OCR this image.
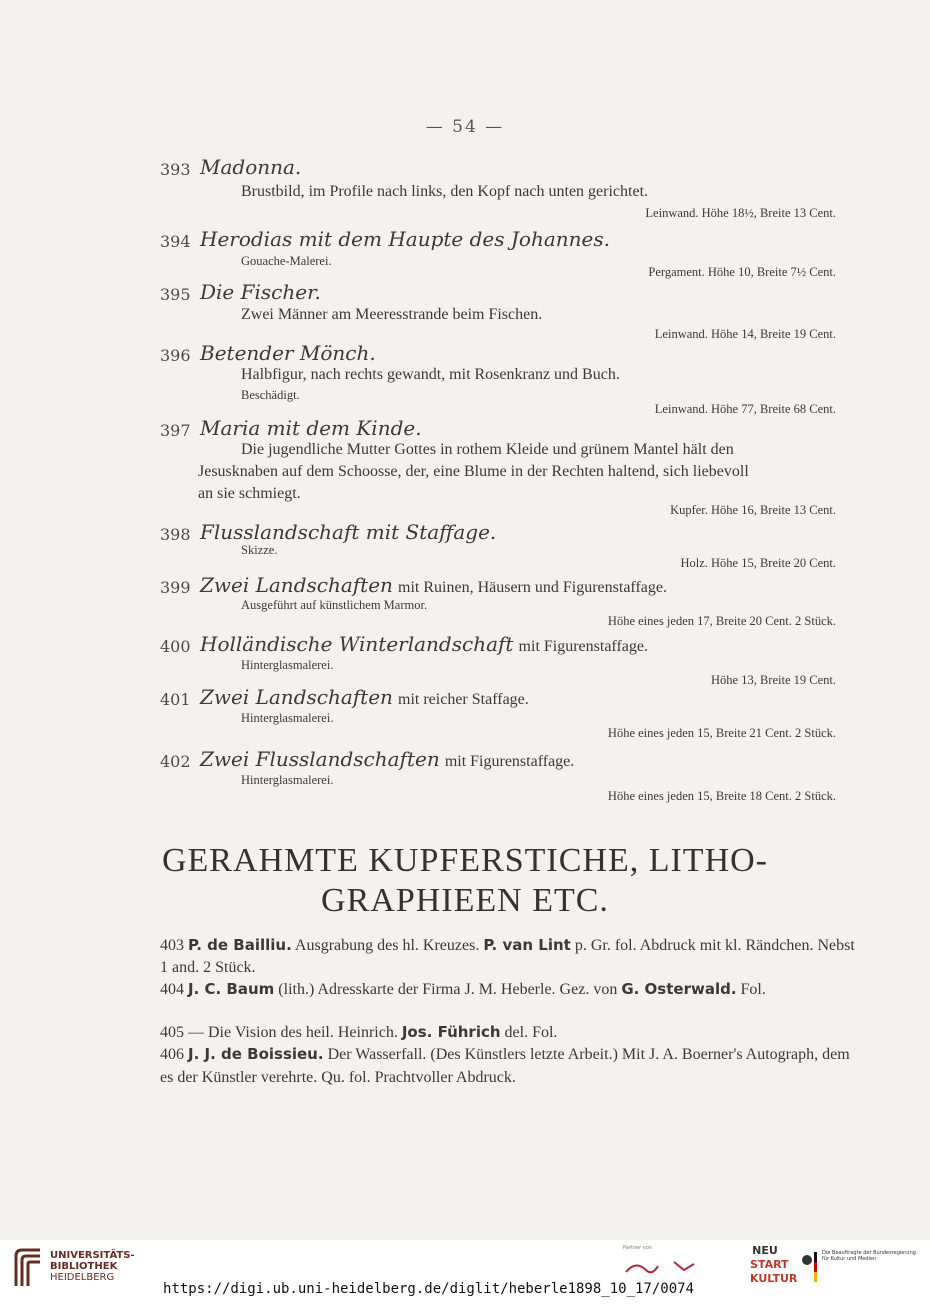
— 54 —
393 Madonna.
Brustbild, im Profile nach links, den Kopf nach unten gerichtet.
Leinwand. Höhe 18½, Breite 13 Cent.
394 Herodias mit dem Haupte des Johannes.
Gouache-Malerei.
Pergament. Höhe 10, Breite 7½ Cent.
395 Die Fischer.
Zwei Männer am Meeresstrande beim Fischen.
Leinwand. Höhe 14, Breite 19 Cent.
396 Betender Mönch.
Halbfigur, nach rechts gewandt, mit Rosenkranz und Buch.
Beschädigt.
Leinwand. Höhe 77, Breite 68 Cent.
397 Maria mit dem Kinde.
Die jugendliche Mutter Gottes in rothem Kleide und grünem Mantel hält den
Jesusknaben auf dem Schoosse, der, eine Blume in der Rechten haltend, sich liebevoll
an sie schmiegt.
Kupfer. Höhe 16, Breite 13 Cent.
398 Flusslandschaft mit Staffage.
Skizze.
Holz. Höhe 15, Breite 20 Cent.
399 Zwei Landschaften mit Ruinen, Häusern und Figurenstaffage.
Ausgeführt auf künstlichem Marmor.
Höhe eines jeden 17, Breite 20 Cent. 2 Stück.
400 Holländische Winterlandschaft mit Figurenstaffage.
Hinterglasmalerei.
Höhe 13, Breite 19 Cent.
401 Zwei Landschaften mit reicher Staffage.
Hinterglasmalerei.
Höhe eines jeden 15, Breite 21 Cent. 2 Stück.
402 Zwei Flusslandschaften mit Figurenstaffage.
Hinterglasmalerei.
Höhe eines jeden 15, Breite 18 Cent. 2 Stück.
GERAHMTE KUPFERSTICHE, LITHO-
GRAPHIEEN ETC.
403 P. de Bailliu. Ausgrabung des hl. Kreuzes. P. van Lint p. Gr. fol. Abdruck mit kl. Rändchen. Nebst 1 and. 2 Stück.
404 J. C. Baum (lith.) Adresskarte der Firma J. M. Heberle. Gez. von G. Osterwald. Fol.
405 — Die Vision des heil. Heinrich. Jos. Führich del. Fol.
406 J. J. de Boissieu. Der Wasserfall. (Des Künstlers letzte Arbeit.) Mit J. A. Boerner's Autograph, dem es der Künstler verehrte. Qu. fol. Prachtvoller Abdruck.
UNIVERSITÄTS-
BIBLIOTHEK
HEIDELBERG
https://digi.ub.uni-heidelberg.de/diglit/heberle1898_10_17/0074
Partner von	NEU
START
KULTUR
Die Beauftragte der Bundesregierung
für Kultur und Medien
